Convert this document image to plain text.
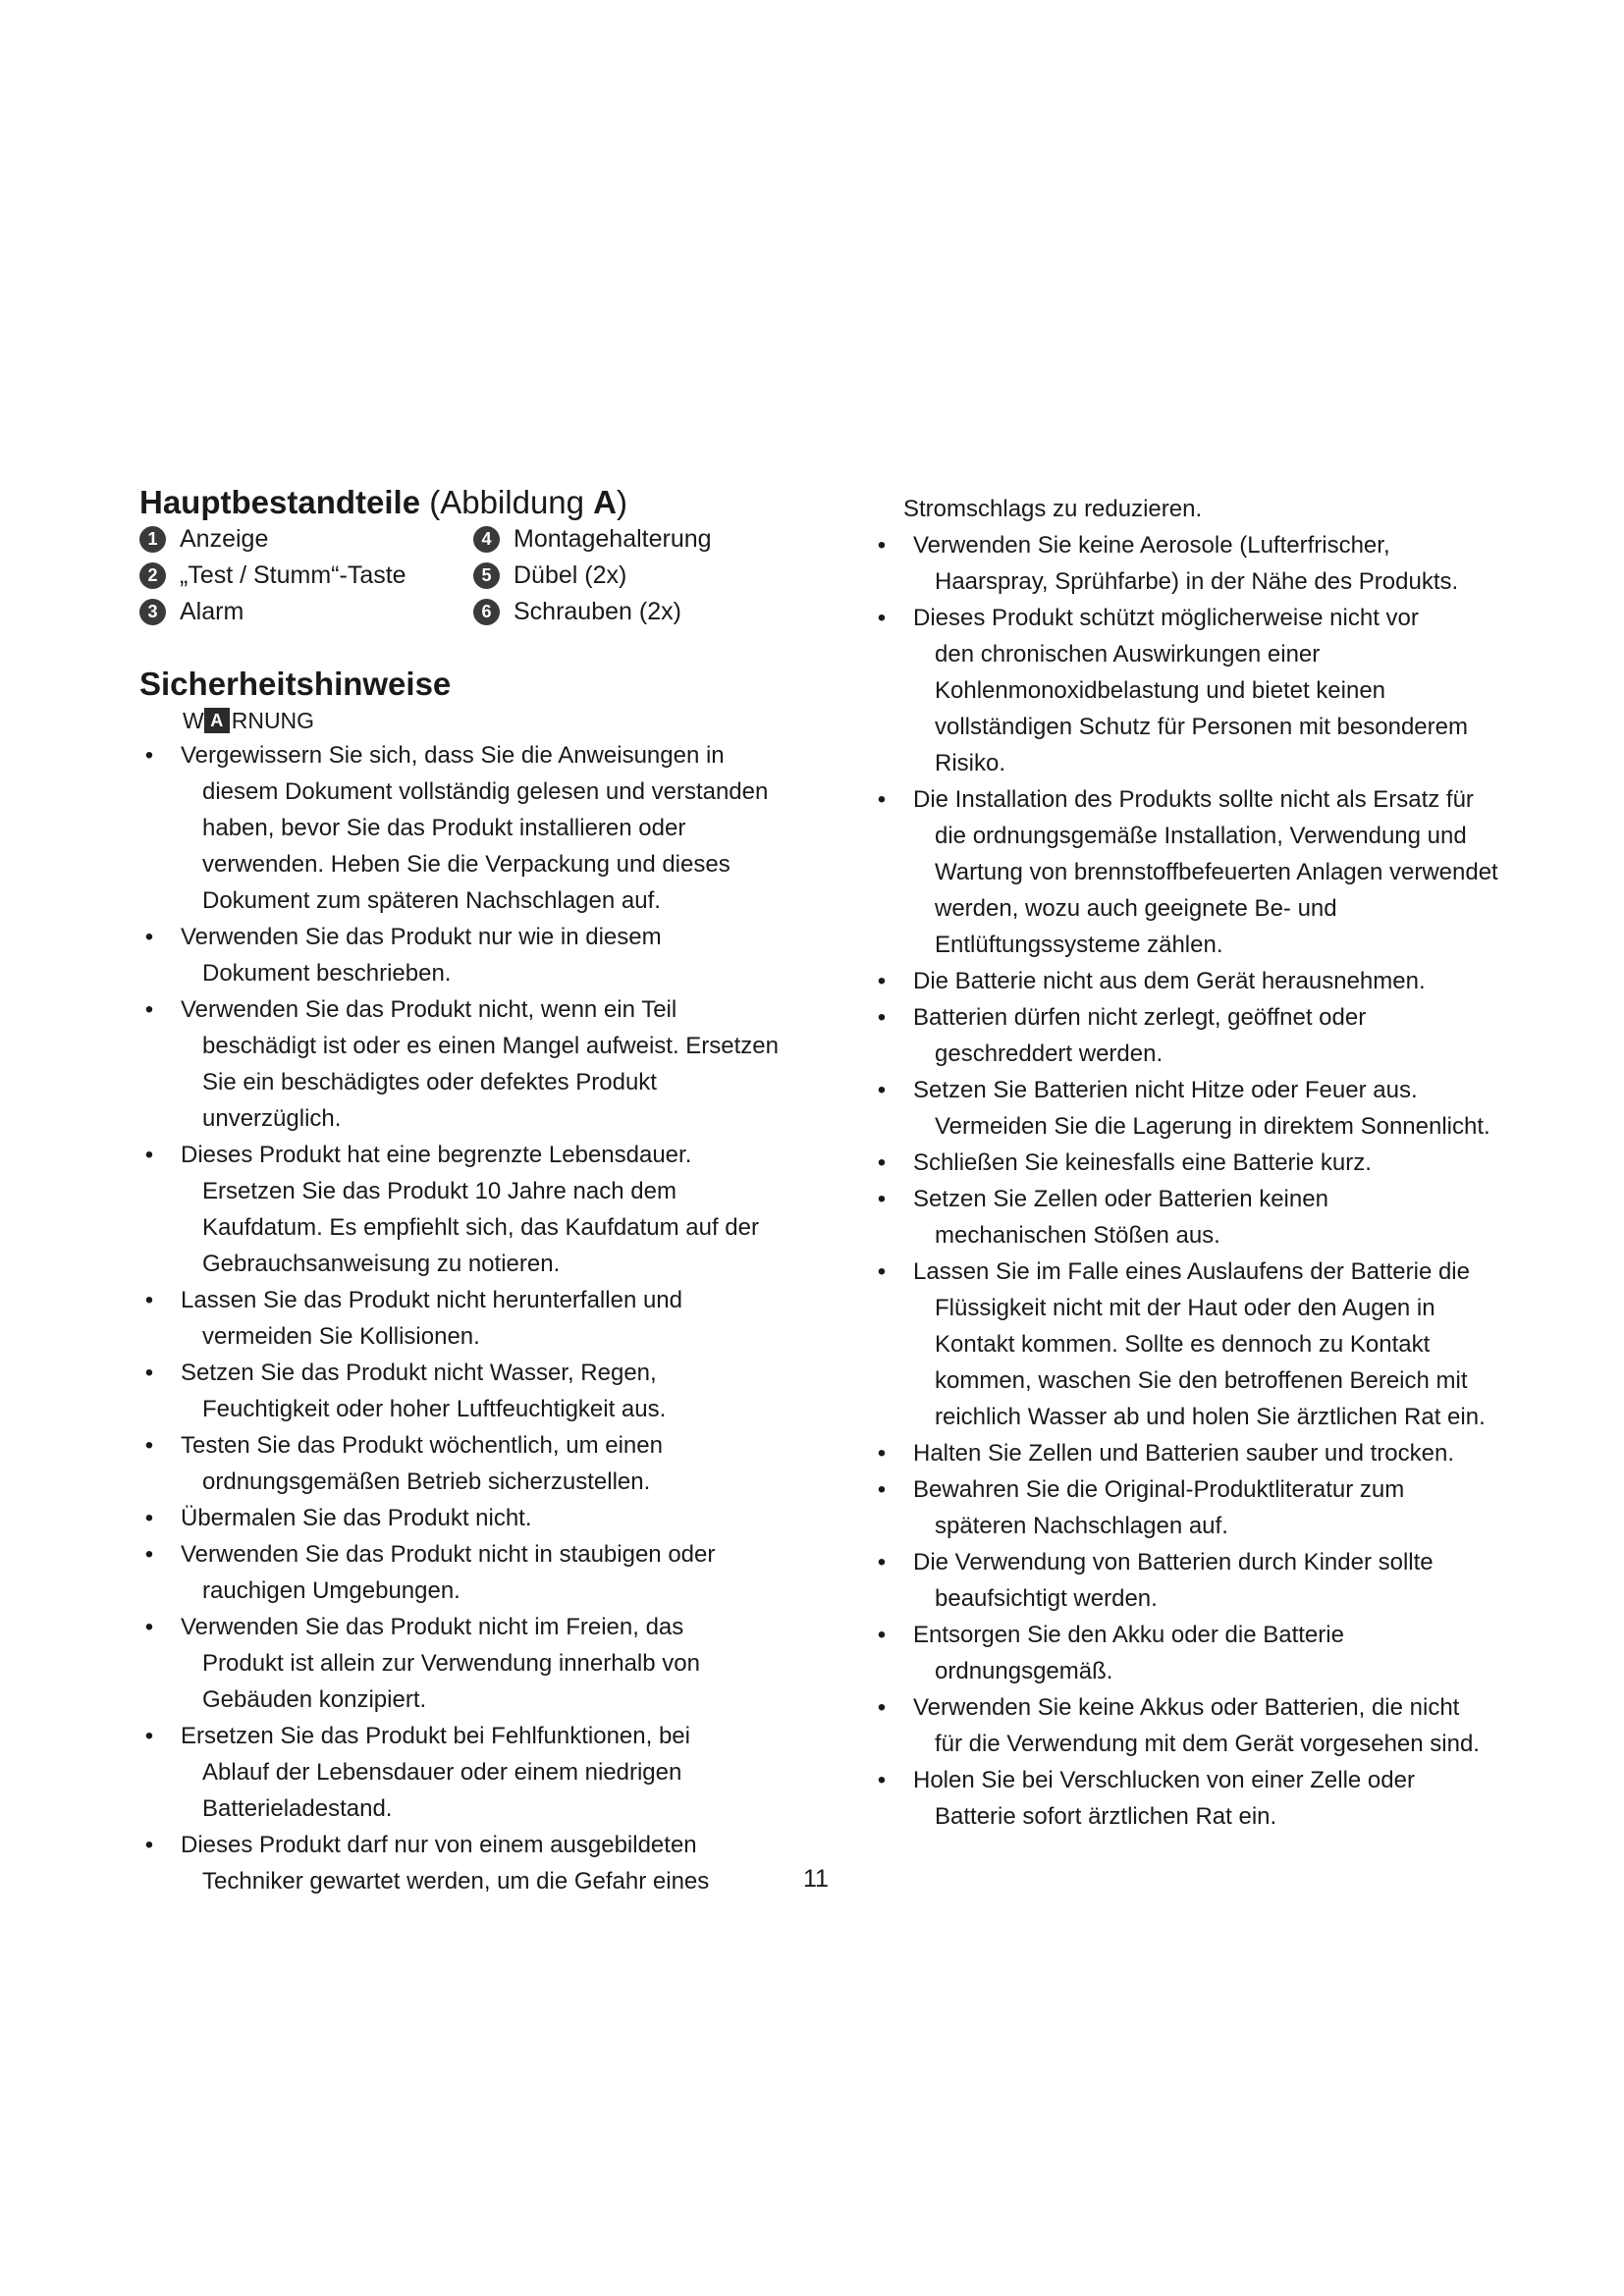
Hauptbestandteile (Abbildung A)
1 Anzeige	4 Montagehalterung
2 „Test / Stumm“-Taste	5 Dübel (2x)
3 Alarm	6 Schrauben (2x)
Sicherheitshinweise
W A RNUNG
• Vergewissern Sie sich, dass Sie die Anweisungen in
diesem Dokument vollständig gelesen und verstanden haben, bevor Sie das Produkt installieren oder verwenden. Heben Sie die Verpackung und dieses Dokument zum späteren Nachschlagen auf.
• Verwenden Sie das Produkt nur wie in diesem
Dokument beschrieben.
• Verwenden Sie das Produkt nicht, wenn ein Teil
beschädigt ist oder es einen Mangel aufweist. Ersetzen Sie ein beschädigtes oder defektes Produkt unverzüglich.
• Dieses Produkt hat eine begrenzte Lebensdauer.
Ersetzen Sie das Produkt 10 Jahre nach dem Kaufdatum. Es empfiehlt sich, das Kaufdatum auf der Gebrauchsanweisung zu notieren.
• Lassen Sie das Produkt nicht herunterfallen und
vermeiden Sie Kollisionen.
• Setzen Sie das Produkt nicht Wasser, Regen,
Feuchtigkeit oder hoher Luftfeuchtigkeit aus.
• Testen Sie das Produkt wöchentlich, um einen
ordnungsgemäßen Betrieb sicherzustellen.
• Übermalen Sie das Produkt nicht.
• Verwenden Sie das Produkt nicht in staubigen oder
rauchigen Umgebungen.
• Verwenden Sie das Produkt nicht im Freien, das
Produkt ist allein zur Verwendung innerhalb von Gebäuden konzipiert.
• Ersetzen Sie das Produkt bei Fehlfunktionen, bei
Ablauf der Lebensdauer oder einem niedrigen Batterieladestand.
• Dieses Produkt darf nur von einem ausgebildeten
Techniker gewartet werden, um die Gefahr eines
Stromschlags zu reduzieren.
• Verwenden Sie keine Aerosole (Lufterfrischer,
Haarspray, Sprühfarbe) in der Nähe des Produkts.
• Dieses Produkt schützt möglicherweise nicht vor
den chronischen Auswirkungen einer Kohlenmonoxidbelastung und bietet keinen vollständigen Schutz für Personen mit besonderem Risiko.
• Die Installation des Produkts sollte nicht als Ersatz für
die ordnungsgemäße Installation, Verwendung und Wartung von brennstoffbefeuerten Anlagen verwendet werden, wozu auch geeignete Be- und Entlüftungssysteme zählen.
• Die Batterie nicht aus dem Gerät herausnehmen.
• Batterien dürfen nicht zerlegt, geöffnet oder
geschreddert werden.
• Setzen Sie Batterien nicht Hitze oder Feuer aus.
Vermeiden Sie die Lagerung in direktem Sonnenlicht.
• Schließen Sie keinesfalls eine Batterie kurz.
• Setzen Sie Zellen oder Batterien keinen
mechanischen Stößen aus.
• Lassen Sie im Falle eines Auslaufens der Batterie die
Flüssigkeit nicht mit der Haut oder den Augen in Kontakt kommen. Sollte es dennoch zu Kontakt kommen, waschen Sie den betroffenen Bereich mit reichlich Wasser ab und holen Sie ärztlichen Rat ein.
• Halten Sie Zellen und Batterien sauber und trocken.
• Bewahren Sie die Original-Produktliteratur zum
späteren Nachschlagen auf.
• Die Verwendung von Batterien durch Kinder sollte
beaufsichtigt werden.
• Entsorgen Sie den Akku oder die Batterie
ordnungsgemäß.
• Verwenden Sie keine Akkus oder Batterien, die nicht
für die Verwendung mit dem Gerät vorgesehen sind.
• Holen Sie bei Verschlucken von einer Zelle oder
Batterie sofort ärztlichen Rat ein.
11
